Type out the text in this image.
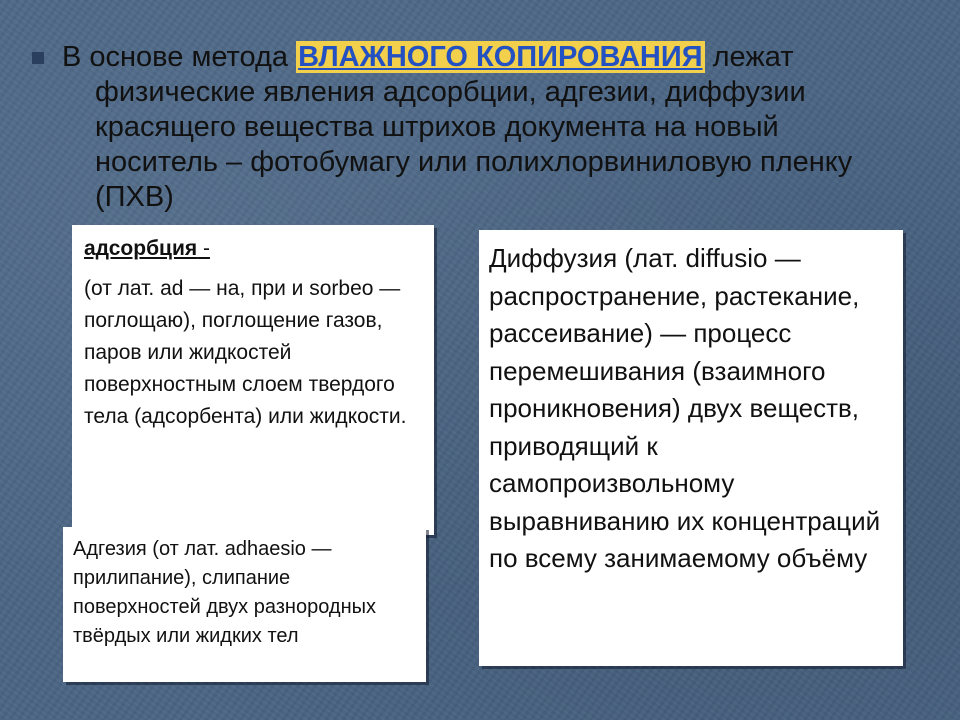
В основе метода ВЛАЖНОГО КОПИРОВАНИЯ лежат
физические явления адсорбции, адгезии, диффузии красящего вещества штрихов документа на новый носитель – фотобумагу или полихлорвиниловую пленку (ПХВ)
адсорбция -
(от лат. ad — на, при и sorbeo — поглощаю), поглощение газов, паров или жидкостей поверхностным слоем твердого тела (адсорбента) или жидкости.
Адгезия (от лат. adhaesio — прилипание), слипание поверхностей двух разнородных твёрдых или жидких тел
Диффузия (лат. diffusio — распространение, растекание, рассеивание) — процесс перемешивания (взаимного проникновения) двух веществ, приводящий к самопроизвольному выравниванию их концентраций по всему занимаемому объёму
